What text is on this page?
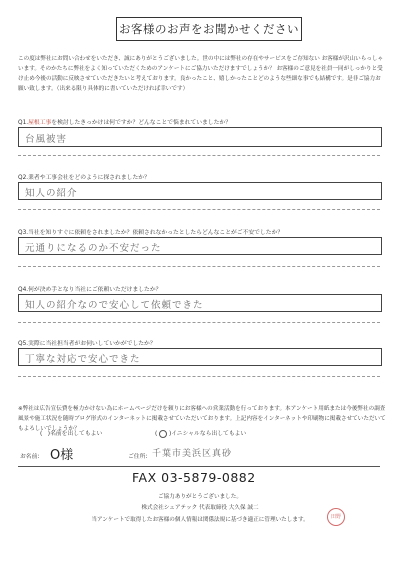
お客様のお声をお聞かせください
この度は弊社にお問い合わせをいただき、誠にありがとうございました。世の中には弊社の存在やサービスをご存知ない お客様が沢山いらっしゃいます。そのかたちに弊社をよく知っていただくためのアンケートにご協力いただけますでしょうか？ お客様のご意見を社員一同がしっかりと受け止め今後の活動に反映させていただきたいと考えております。良かったこと、嬉しかったことどのような些細な事でも結構です。是非ご協力お願い致します。（出来る限り具体的に書いていただければ幸いです）
Q1.屋根工事を検討したきっかけは何ですか？どんなことで悩まれていましたか？
台風被害
Q2.業者や工事会社をどのように探されましたか？
知人の紹介
Q3.当社を知りすぐに依頼をされましたか？依頼されなかったとしたらどんなことがご不安でしたか？
元通りになるのか不安だった
Q4.何が決め手となり当社にご依頼いただけましたか？
知人の紹介なので安心して依頼できた
Q5.実際に当社担当者がお伺いしていかがでしたか？
丁寧な対応で安心できた
※弊社は広告宣伝費を極力かけない為にホームページだけを頼りにお客様への営業活動を行っております。本アンケート用紙または今後弊社の調査風景や施工状況を随時ブログ形式のインターネットに掲載させていただいております。上記内容をインターネットや印刷物に掲載させていただいてもよろしいでしょうか？
(   )名前を出してもよい	(  )イニシャルなら出してもよい
お名前: O様	ご住所: 千葉市美浜区真砂
FAX 03-5879-0882
ご協力ありがとうございました。
株式会社シェアテック 代表取締役 大久保 誠二
当アンケートで取得したお客様の個人情報は関係法規に基づき適正に管理いたします。	田野
